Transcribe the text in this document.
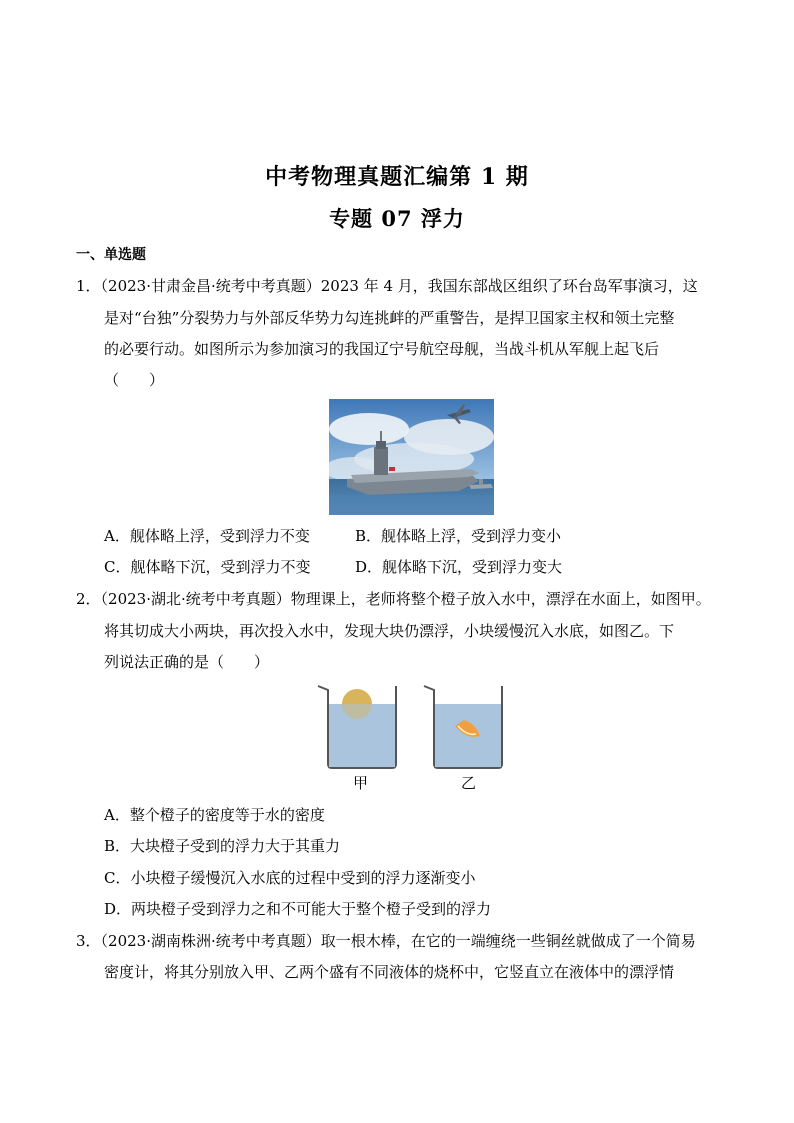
中考物理真题汇编第 1 期
专题 07 浮力
一、单选题
1．（2023·甘肃金昌·统考中考真题）2023 年 4 月，我国东部战区组织了环台岛军事演习，这
是对“台独”分裂势力与外部反华势力勾连挑衅的严重警告，是捍卫国家主权和领土完整
的必要行动。如图所示为参加演习的我国辽宁号航空母舰，当战斗机从军舰上起飞后
（　　）
A．舰体略上浮，受到浮力不变	B．舰体略上浮，受到浮力变小
C．舰体略下沉，受到浮力不变	D．舰体略下沉，受到浮力变大
2．（2023·湖北·统考中考真题）物理课上，老师将整个橙子放入水中，漂浮在水面上，如图甲。
将其切成大小两块，再次投入水中，发现大块仍漂浮，小块缓慢沉入水底，如图乙。下
列说法正确的是（　　）
甲	乙
A．整个橙子的密度等于水的密度
B．大块橙子受到的浮力大于其重力
C．小块橙子缓慢沉入水底的过程中受到的浮力逐渐变小
D．两块橙子受到浮力之和不可能大于整个橙子受到的浮力
3．（2023·湖南株洲·统考中考真题）取一根木棒，在它的一端缠绕一些铜丝就做成了一个简易
密度计，将其分别放入甲、乙两个盛有不同液体的烧杯中，它竖直立在液体中的漂浮情
